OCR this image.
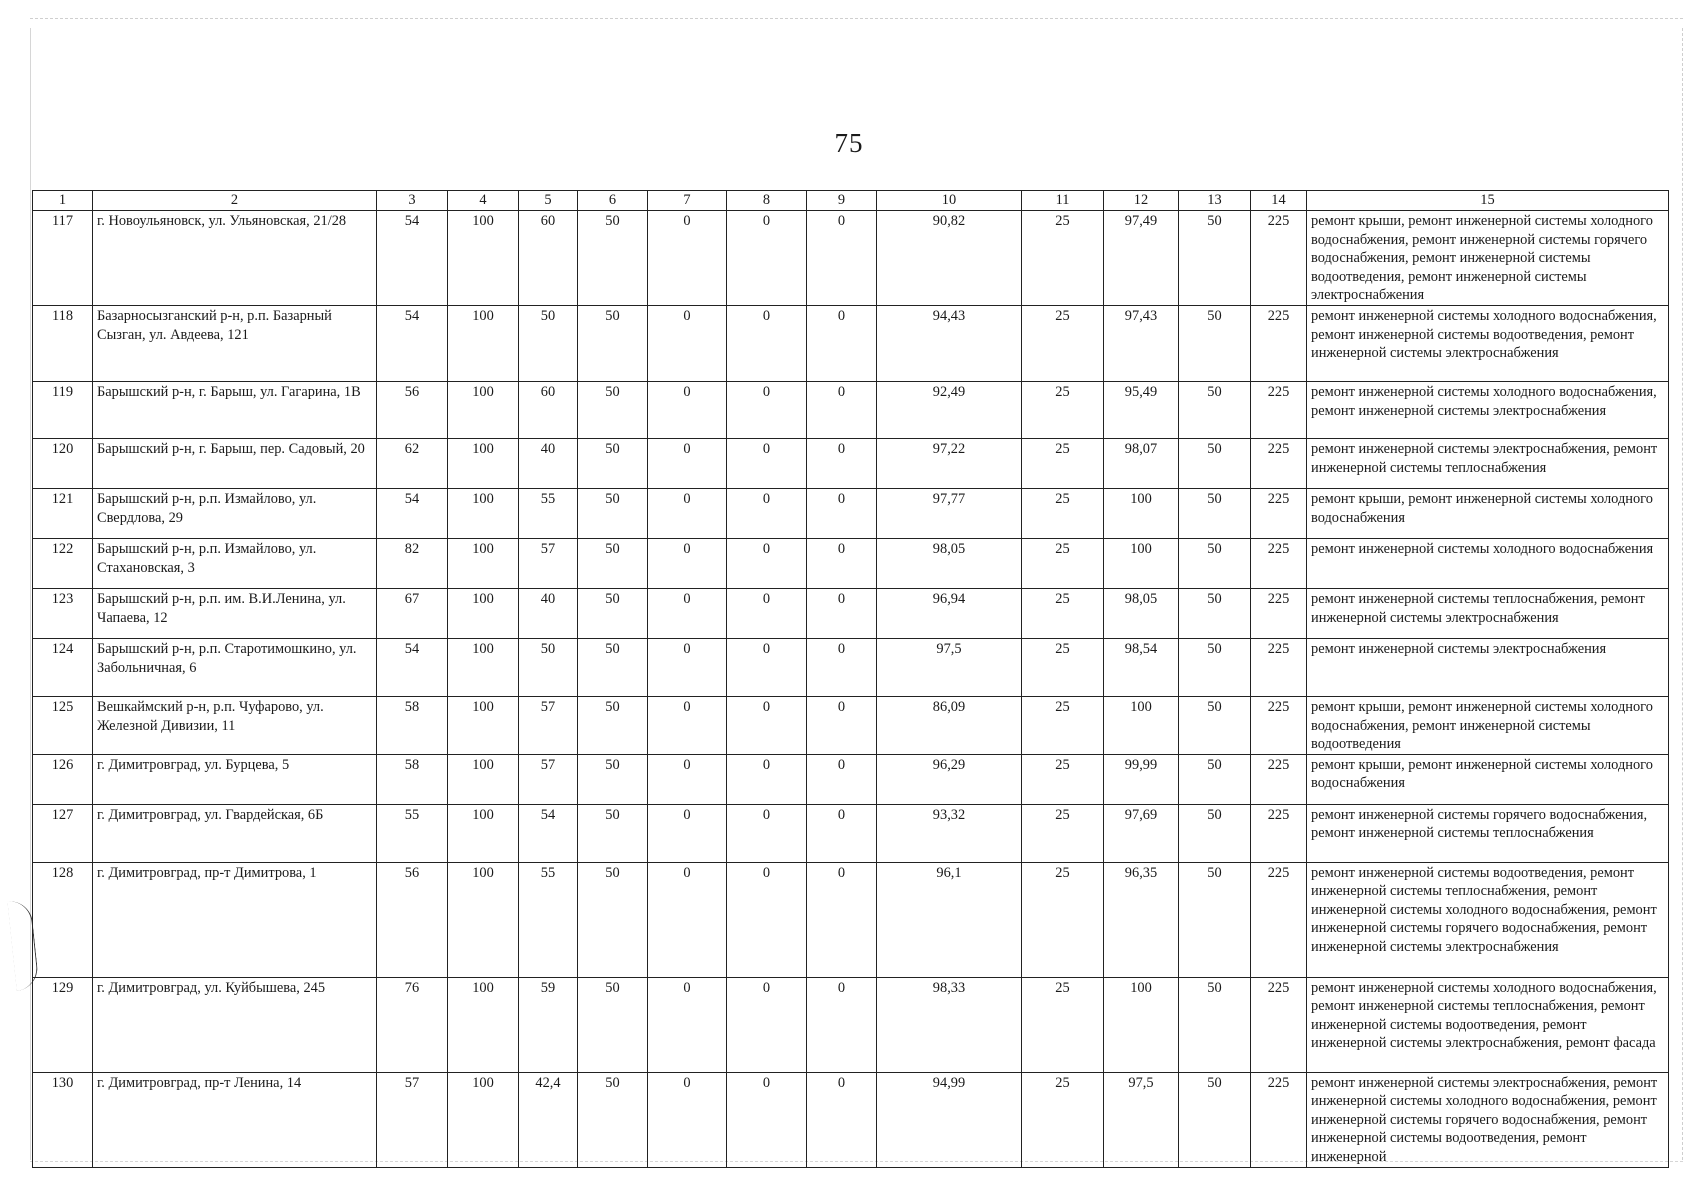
75
1	2	3	4	5	6	7	8	9	10	11	12	13	14	15
117	г. Новоульяновск, ул. Ульяновская, 21/28	54	100	60	50	0	0	0	90,82	25	97,49	50	225	ремонт крыши, ремонт инженерной системы холодного водоснабжения, ремонт инженерной системы горячего водоснабжения, ремонт инженерной системы водоотведения, ремонт инженерной системы электроснабжения
118	Базарносызганский р-н, р.п. Базарный Сызган, ул. Авдеева, 121	54	100	50	50	0	0	0	94,43	25	97,43	50	225	ремонт инженерной системы холодного водоснабжения, ремонт инженерной системы водоотведения, ремонт инженерной системы электроснабжения
119	Барышский р-н, г. Барыш, ул. Гагарина, 1В	56	100	60	50	0	0	0	92,49	25	95,49	50	225	ремонт инженерной системы холодного водоснабжения, ремонт инженерной системы электроснабжения
120	Барышский р-н, г. Барыш, пер. Садовый, 20	62	100	40	50	0	0	0	97,22	25	98,07	50	225	ремонт инженерной системы электроснабжения, ремонт инженерной системы теплоснабжения
121	Барышский р-н, р.п. Измайлово, ул. Свердлова, 29	54	100	55	50	0	0	0	97,77	25	100	50	225	ремонт крыши, ремонт инженерной системы холодного водоснабжения
122	Барышский р-н, р.п. Измайлово, ул. Стахановская, 3	82	100	57	50	0	0	0	98,05	25	100	50	225	ремонт инженерной системы холодного водоснабжения
123	Барышский р-н, р.п. им. В.И.Ленина, ул. Чапаева, 12	67	100	40	50	0	0	0	96,94	25	98,05	50	225	ремонт инженерной системы теплоснабжения, ремонт инженерной системы электроснабжения
124	Барышский р-н, р.п. Старотимошкино, ул. Забольничная, 6	54	100	50	50	0	0	0	97,5	25	98,54	50	225	ремонт инженерной системы электроснабжения
125	Вешкаймский р-н, р.п. Чуфарово, ул. Железной Дивизии, 11	58	100	57	50	0	0	0	86,09	25	100	50	225	ремонт крыши, ремонт инженерной системы холодного водоснабжения, ремонт инженерной системы водоотведения
126	г. Димитровград, ул. Бурцева, 5	58	100	57	50	0	0	0	96,29	25	99,99	50	225	ремонт крыши, ремонт инженерной системы холодного водоснабжения
127	г. Димитровград, ул. Гвардейская, 6Б	55	100	54	50	0	0	0	93,32	25	97,69	50	225	ремонт инженерной системы горячего водоснабжения, ремонт инженерной системы теплоснабжения
128	г. Димитровград, пр-т Димитрова, 1	56	100	55	50	0	0	0	96,1	25	96,35	50	225	ремонт инженерной системы водоотведения, ремонт инженерной системы теплоснабжения, ремонт инженерной системы холодного водоснабжения, ремонт инженерной системы горячего водоснабжения, ремонт инженерной системы электроснабжения
129	г. Димитровград, ул. Куйбышева, 245	76	100	59	50	0	0	0	98,33	25	100	50	225	ремонт инженерной системы холодного водоснабжения, ремонт инженерной системы теплоснабжения, ремонт инженерной системы водоотведения, ремонт инженерной системы электроснабжения, ремонт фасада
130	г. Димитровград, пр-т Ленина, 14	57	100	42,4	50	0	0	0	94,99	25	97,5	50	225	ремонт инженерной системы электроснабжения, ремонт инженерной системы холодного водоснабжения, ремонт инженерной системы горячего водоснабжения, ремонт инженерной системы водоотведения, ремонт инженерной
